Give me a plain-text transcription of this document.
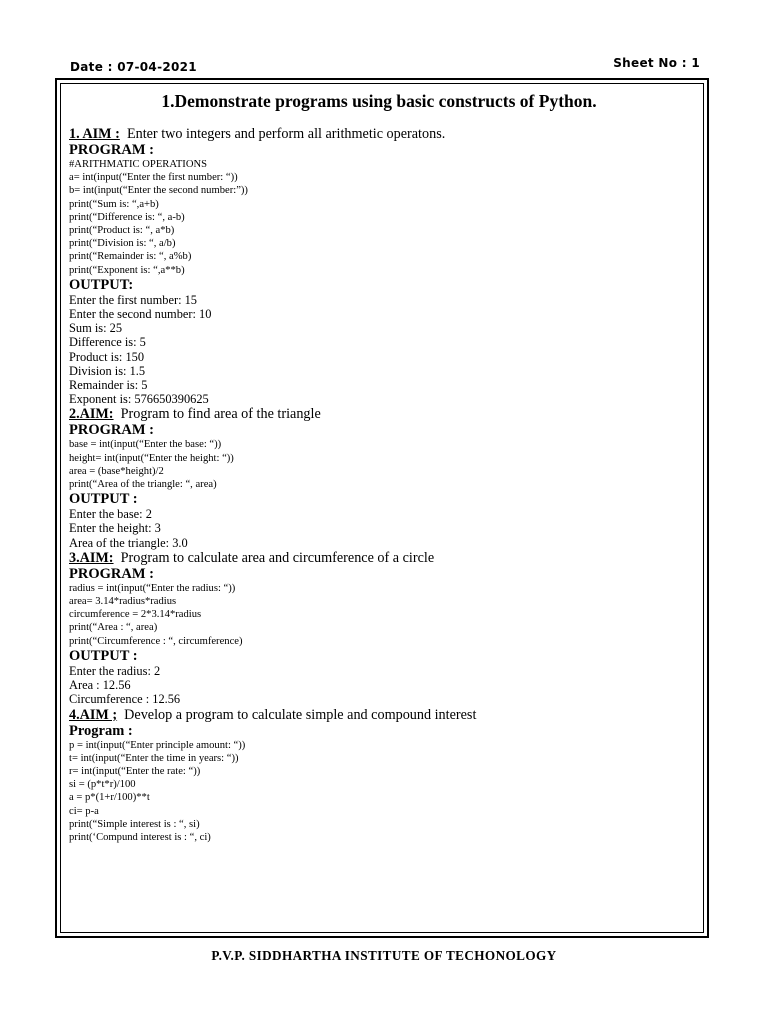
Date : 07-04-2021	Sheet No : 1
1.Demonstrate programs using basic constructs of Python.
1. AIM : Enter two integers and perform all arithmetic operatons.
PROGRAM :
#ARITHMATIC OPERATIONS
a= int(input(“Enter the first number: “))
b= int(input(“Enter the second number:”))
print(“Sum is: “,a+b)
print(“Difference is: “, a-b)
print(“Product is: “, a*b)
print(“Division is: “, a/b)
print(“Remainder is: “, a%b)
print(“Exponent is: “,a**b)
OUTPUT:
Enter the first number: 15
Enter the second number: 10
Sum is: 25
Difference is: 5
Product is: 150
Division is: 1.5
Remainder is: 5
Exponent is: 576650390625
2.AIM: Program to find area of the triangle
PROGRAM :
base = int(input(“Enter the base: “))
height= int(input(“Enter the height: “))
area = (base*height)/2
print(“Area of the triangle: “, area)
OUTPUT :
Enter the base: 2
Enter the height: 3
Area of the triangle: 3.0
3.AIM: Program to calculate area and circumference of a circle
PROGRAM :
radius = int(input(“Enter the radius: “))
area= 3.14*radius*radius
circumference = 2*3.14*radius
print(“Area : “, area)
print(“Circumference : “, circumference)
OUTPUT :
Enter the radius: 2
Area : 12.56
Circumference : 12.56
4.AIM ; Develop a program to calculate simple and compound interest
Program :
p = int(input(“Enter principle amount: “))
t= int(input(“Enter the time in years: “))
r= int(input(“Enter the rate: “))
si = (p*t*r)/100
a = p*(1+r/100)**t
ci= p-a
print(“Simple interest is : “, si)
print(‘Compund interest is : “, ci)
P.V.P. SIDDHARTHA INSTITUTE OF TECHONOLOGY
